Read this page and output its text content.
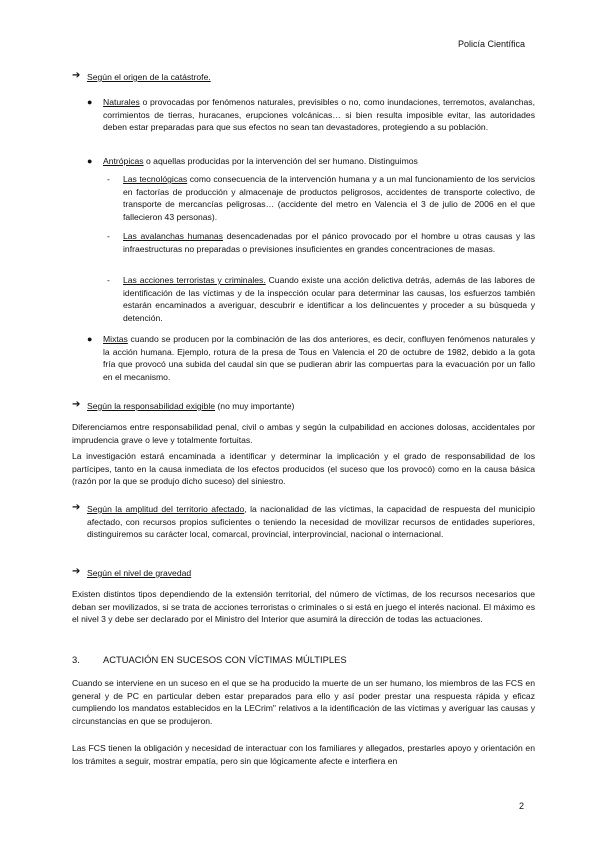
Policía Científica
➔ Según el origen de la catástrofe.
● Naturales o provocadas por fenómenos naturales, previsibles o no, como inundaciones, terremotos, avalanchas, corrimientos de tierras, huracanes, erupciones volcánicas… si bien resulta imposible evitar, las autoridades deben estar preparadas para que sus efectos no sean tan devastadores, protegiendo a su población.
● Antrópicas o aquellas producidas por la intervención del ser humano. Distinguimos
- Las tecnológicas como consecuencia de la intervención humana y a un mal funcionamiento de los servicios en factorías de producción y almacenaje de productos peligrosos, accidentes de transporte colectivo, de transporte de mercancías peligrosas… (accidente del metro en Valencia el 3 de julio de 2006 en el que fallecieron 43 personas).
- Las avalanchas humanas desencadenadas por el pánico provocado por el hombre u otras causas y las infraestructuras no preparadas o previsiones insuficientes en grandes concentraciones de masas.
- Las acciones terroristas y criminales. Cuando existe una acción delictiva detrás, además de las labores de identificación de las víctimas y de la inspección ocular para determinar las causas, los esfuerzos también estarán encaminados a averiguar, descubrir e identificar a los delincuentes y proceder a su búsqueda y detención.
● Mixtas cuando se producen por la combinación de las dos anteriores, es decir, confluyen fenómenos naturales y la acción humana. Ejemplo, rotura de la presa de Tous en Valencia el 20 de octubre de 1982, debido a la gota fría que provocó una subida del caudal sin que se pudieran abrir las compuertas para la evacuación por un fallo en el mecanismo.
➔ Según la responsabilidad exigible (no muy importante)
Diferenciamos entre responsabilidad penal, civil o ambas y según la culpabilidad en acciones dolosas, accidentales por imprudencia grave o leve y totalmente fortuitas.
La investigación estará encaminada a identificar y determinar la implicación y el grado de responsabilidad de los partícipes, tanto en la causa inmediata de los efectos producidos (el suceso que los provocó) como en la causa básica (razón por la que se produjo dicho suceso) del siniestro.
➔ Según la amplitud del territorio afectado, la nacionalidad de las víctimas, la capacidad de respuesta del municipio afectado, con recursos propios suficientes o teniendo la necesidad de movilizar recursos de entidades superiores, distinguiremos su carácter local, comarcal, provincial, interprovincial, nacional o internacional.
➔ Según el nivel de gravedad
Existen distintos tipos dependiendo de la extensión territorial, del número de víctimas, de los recursos necesarios que deban ser movilizados, si se trata de acciones terroristas o criminales o si está en juego el interés nacional. El máximo es el nivel 3 y debe ser declarado por el Ministro del Interior que asumirá la dirección de todas las actuaciones.
3. ACTUACIÓN EN SUCESOS CON VÍCTIMAS MÚLTIPLES
Cuando se interviene en un suceso en el que se ha producido la muerte de un ser humano, los miembros de las FCS en general y de PC en particular deben estar preparados para ello y así poder prestar una respuesta rápida y eficaz cumpliendo los mandatos establecidos en la LECrim" relativos a la identificación de las víctimas y averiguar las causas y circunstancias en que se produjeron.
Las FCS tienen la obligación y necesidad de interactuar con los familiares y allegados, prestarles apoyo y orientación en los trámites a seguir, mostrar empatía, pero sin que lógicamente afecte e interfiera en
2
